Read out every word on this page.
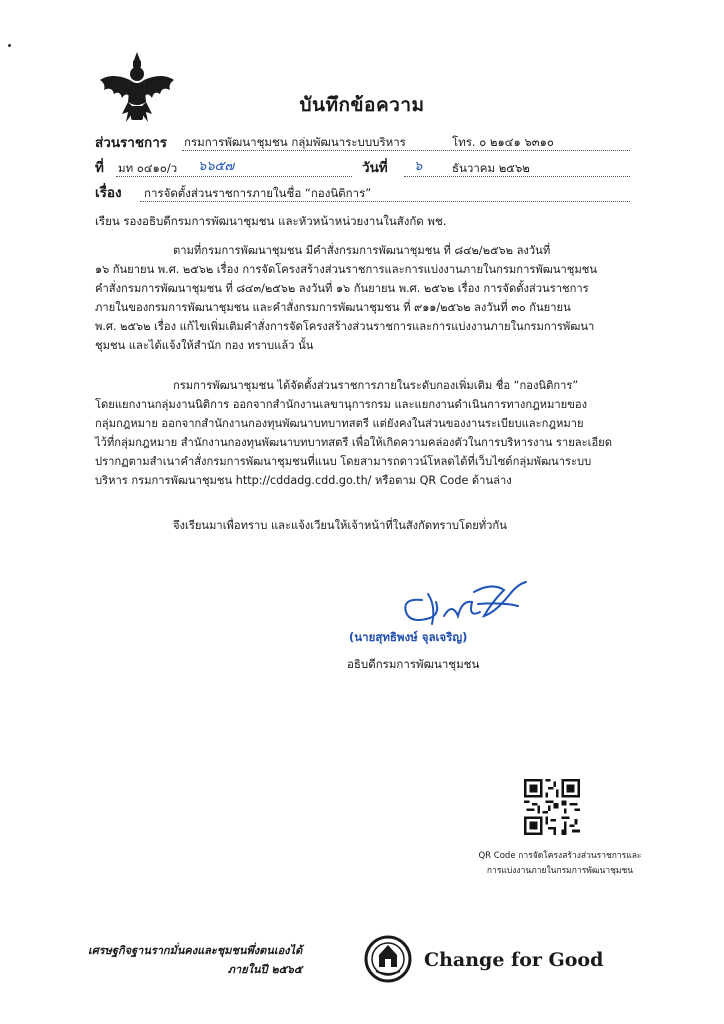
บันทึกข้อความ
ส่วนราชการ กรมการพัฒนาชุมชน กลุ่มพัฒนาระบบบริหาร	โทร. ๐ ๒๑๔๑ ๖๓๑๐
ที่ มท ๐๔๑๐/ว ๖๖๕๗	วันที่ ๖	ธันวาคม ๒๕๖๒
เรื่อง การจัดตั้งส่วนราชการภายในชื่อ “กองนิติการ”
เรียน รองอธิบดีกรมการพัฒนาชุมชน และหัวหน้าหน่วยงานในสังกัด พช.
ตามที่กรมการพัฒนาชุมชน มีคำสั่งกรมการพัฒนาชุมชน ที่ ๘๔๒/๒๕๖๒ ลงวันที่
๑๖ กันยายน พ.ศ. ๒๕๖๒ เรื่อง การจัดโครงสร้างส่วนราชการและการแบ่งงานภายในกรมการพัฒนาชุมชน
คำสั่งกรมการพัฒนาชุมชน ที่ ๘๔๓/๒๕๖๒ ลงวันที่ ๑๖ กันยายน พ.ศ. ๒๕๖๒ เรื่อง การจัดตั้งส่วนราชการ
ภายในของกรมการพัฒนาชุมชน และคำสั่งกรมการพัฒนาชุมชน ที่ ๙๑๑/๒๕๖๒ ลงวันที่ ๓๐ กันยายน
พ.ศ. ๒๕๖๒ เรื่อง แก้ไขเพิ่มเติมคำสั่งการจัดโครงสร้างส่วนราชการและการแบ่งงานภายในกรมการพัฒนา
ชุมชน และได้แจ้งให้สำนัก กอง ทราบแล้ว นั้น
กรมการพัฒนาชุมชน ได้จัดตั้งส่วนราชการภายในระดับกองเพิ่มเติม ชื่อ “กองนิติการ”
โดยแยกงานกลุ่มงานนิติการ ออกจากสำนักงานเลขานุการกรม และแยกงานดำเนินการทางกฎหมายของ
กลุ่มกฎหมาย ออกจากสำนักงานกองทุนพัฒนาบทบาทสตรี แต่ยังคงในส่วนของงานระเบียบและกฎหมาย
ไว้ที่กลุ่มกฎหมาย สำนักงานกองทุนพัฒนาบทบาทสตรี เพื่อให้เกิดความคล่องตัวในการบริหารงาน รายละเอียด
ปรากฏตามสำเนาคำสั่งกรมการพัฒนาชุมชนที่แนบ โดยสามารถดาวน์โหลดได้ที่เว็บไซต์กลุ่มพัฒนาระบบ
บริหาร กรมการพัฒนาชุมชน http://cddadg.cdd.go.th/ หรือตาม QR Code ด้านล่าง
จึงเรียนมาเพื่อทราบ และแจ้งเวียนให้เจ้าหน้าที่ในสังกัดทราบโดยทั่วกัน
(นายสุทธิพงษ์ จุลเจริญ)
อธิบดีกรมการพัฒนาชุมชน
QR Code การจัดโครงสร้างส่วนราชการและ
การแบ่งงานภายในกรมการพัฒนาชุมชน
เศรษฐกิจฐานรากมั่นคงและชุมชนพึ่งตนเองได้
ภายในปี ๒๕๖๕	Change for Good
